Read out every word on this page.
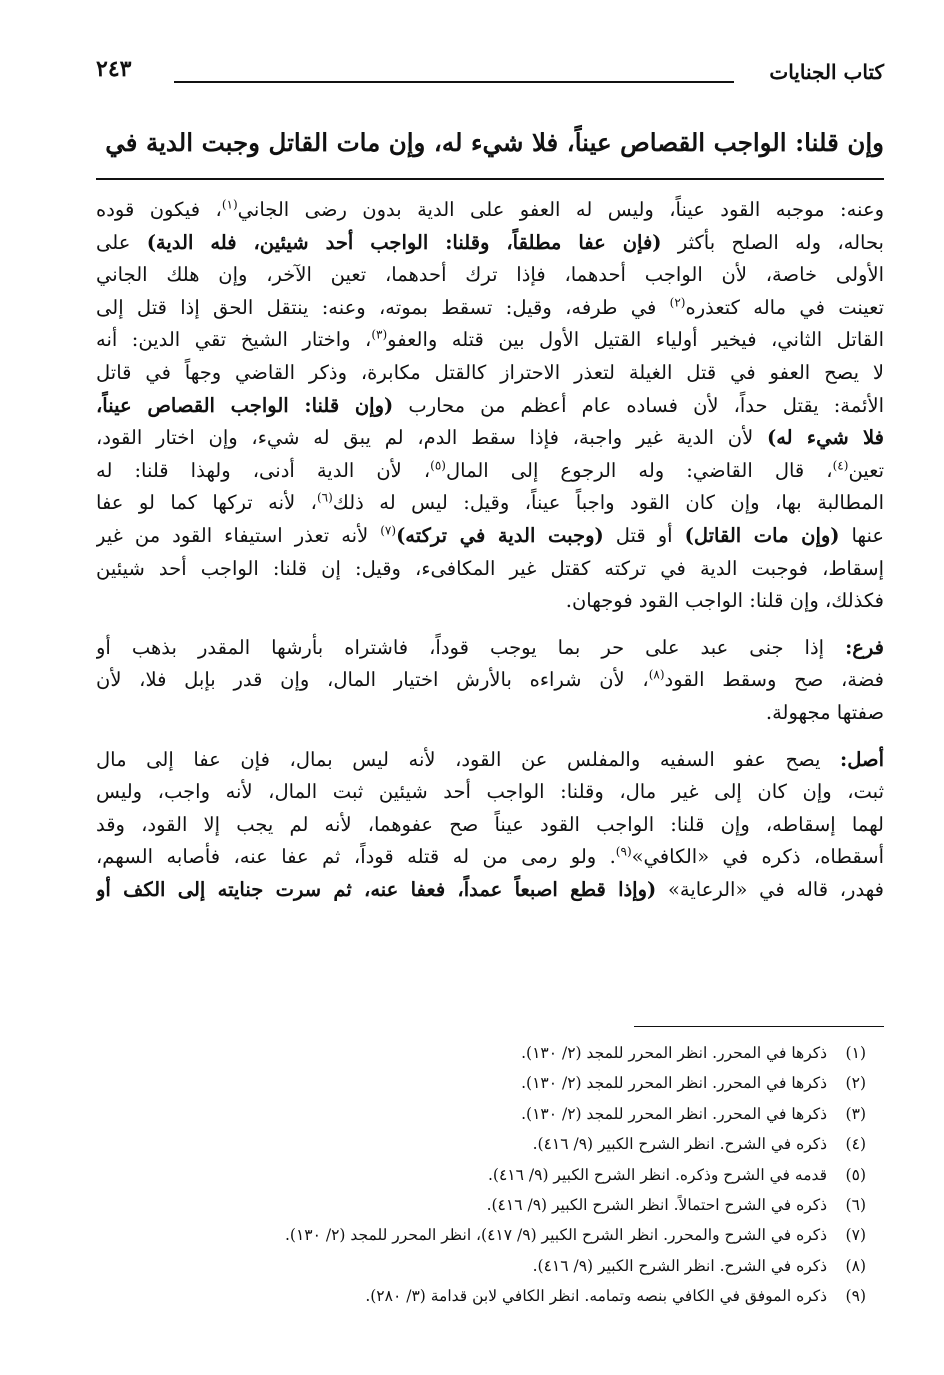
كتاب الجنايات
٢٤٣
وإن قلنا: الواجب القصاص عيناً، فلا شيء له، وإن مات القاتل وجبت الدية في
وعنه: موجبه القود عيناً، وليس له العفو على الدية بدون رضى الجاني$^{(١)}$، فيكون قوده
بحاله، وله الصلح بأكثر (فإن عفا مطلقاً، وقلنا: الواجب أحد شيئين، فله الدية) على
الأولى خاصة، لأن الواجب أحدهما، فإذا ترك أحدهما، تعين الآخر، وإن هلك الجاني
تعينت في ماله كتعذره$^{(٢)}$ في طرفه، وقيل: تسقط بموته، وعنه: ينتقل الحق إذا قتل إلى
القاتل الثاني، فيخير أولياء القتيل الأول بين قتله والعفو$^{(٣)}$، واختار الشيخ تقي الدين: أنه
لا يصح العفو في قتل الغيلة لتعذر الاحتراز كالقتل مكابرة، وذكر القاضي وجهاً في قاتل
الأئمة: يقتل حداً، لأن فساده عام أعظم من محارب (وإن قلنا: الواجب القصاص عيناً،
فلا شيء له) لأن الدية غير واجبة، فإذا سقط الدم، لم يبق له شيء، وإن اختار القود،
تعين$^{(٤)}$، قال القاضي: وله الرجوع إلى المال$^{(٥)}$، لأن الدية أدنى، ولهذا قلنا: له
المطالبة بها، وإن كان القود واجباً عيناً، وقيل: ليس له ذلك$^{(٦)}$، لأنه تركها كما لو عفا
عنها (وإن مات القاتل) أو قتل (وجبت الدية في تركته)$^{(٧)}$ لأنه تعذر استيفاء القود من غير
إسقاط، فوجبت الدية في تركته كقتل غير المكافىء، وقيل: إن قلنا: الواجب أحد شيئين
فكذلك، وإن قلنا: الواجب القود فوجهان.
فرع: إذا جنى عبد على حر بما يوجب قوداً، فاشتراه بأرشها المقدر بذهب أو
فضة، صح وسقط القود$^{(٨)}$، لأن شراءه بالأرش اختيار المال، وإن قدر بإبل فلا، لأن
صفتها مجهولة.
أصل: يصح عفو السفيه والمفلس عن القود، لأنه ليس بمال، فإن عفا إلى مال
ثبت، وإن كان إلى غير مال، وقلنا: الواجب أحد شيئين ثبت المال، لأنه واجب، وليس
لهما إسقاطه، وإن قلنا: الواجب القود عيناً صح عفوهما، لأنه لم يجب إلا القود، وقد
أسقطاه، ذكره في «الكافي»$^{(٩)}$. ولو رمى من له قتله قوداً، ثم عفا عنه، فأصابه السهم،
فهدر، قاله في «الرعاية» (وإذا قطع اصبعاً عمداً، فعفا عنه، ثم سرت جنايته إلى الكف أو
(١) ذكرها في المحرر. انظر المحرر للمجد (٢/ ١٣٠).
(٢) ذكرها في المحرر. انظر المحرر للمجد (٢/ ١٣٠).
(٣) ذكرها في المحرر. انظر المحرر للمجد (٢/ ١٣٠).
(٤) ذكره في الشرح. انظر الشرح الكبير (٩/ ٤١٦).
(٥) قدمه في الشرح وذكره. انظر الشرح الكبير (٩/ ٤١٦).
(٦) ذكره في الشرح احتمالاً. انظر الشرح الكبير (٩/ ٤١٦).
(٧) ذكره في الشرح والمحرر. انظر الشرح الكبير (٩/ ٤١٧)، انظر المحرر للمجد (٢/ ١٣٠).
(٨) ذكره في الشرح. انظر الشرح الكبير (٩/ ٤١٦).
(٩) ذكره الموفق في الكافي بنصه وتمامه. انظر الكافي لابن قدامة (٣/ ٢٨٠).
